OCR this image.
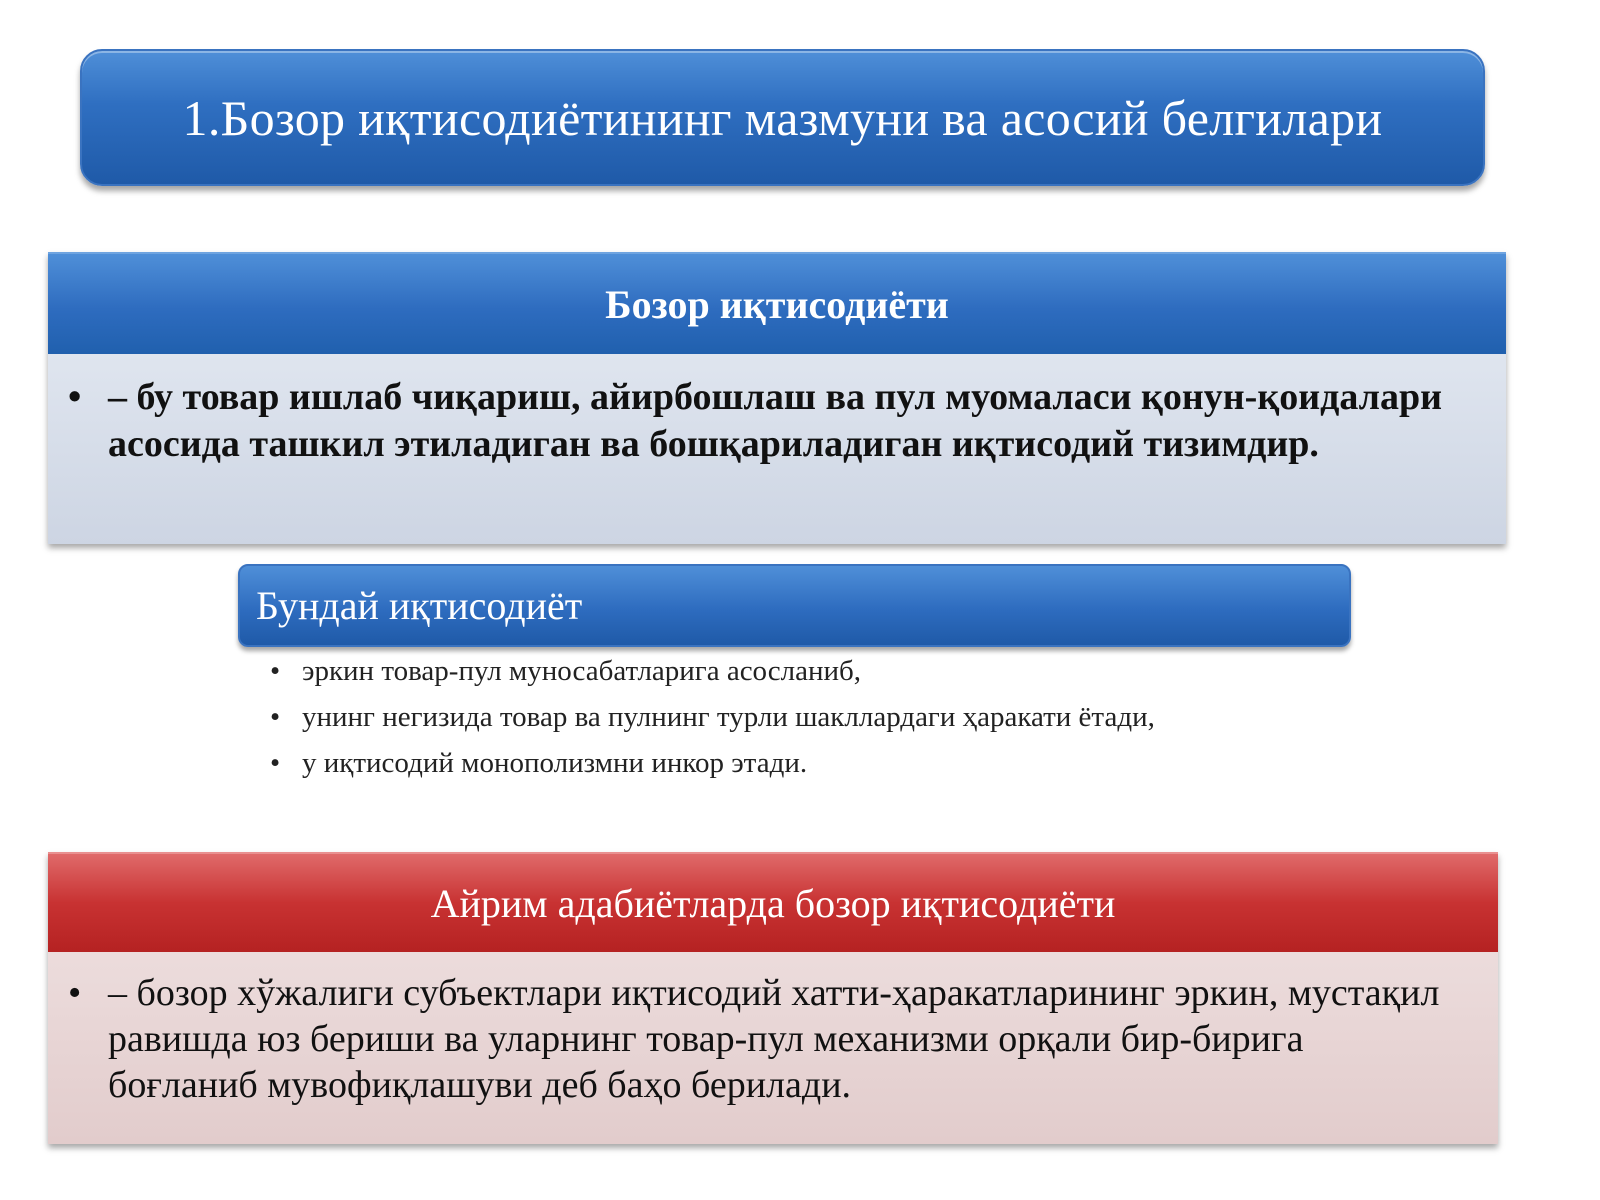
1.Бозор иқтисодиётининг мазмуни ва асосий белгилари
Бозор иқтисодиёти
• – бу товар ишлаб чиқариш, айирбошлаш ва пул муомаласи қонун-қоидалари асосида ташкил этиладиган ва бошқариладиган иқтисодий тизимдир.
Бундай иқтисодиёт
• эркин товар-пул муносабатларига асосланиб,
• унинг негизида товар ва пулнинг турли шакллардаги ҳаракати ётади,
• у иқтисодий монополизмни инкор этади.
Айрим адабиётларда бозор иқтисодиёти
• – бозор хўжалиги субъектлари иқтисодий хатти-ҳаракатларининг эркин, мустақил равишда юз бериши ва уларнинг товар-пул механизми орқали бир-бирига боғланиб мувофиқлашуви деб баҳо берилади.
